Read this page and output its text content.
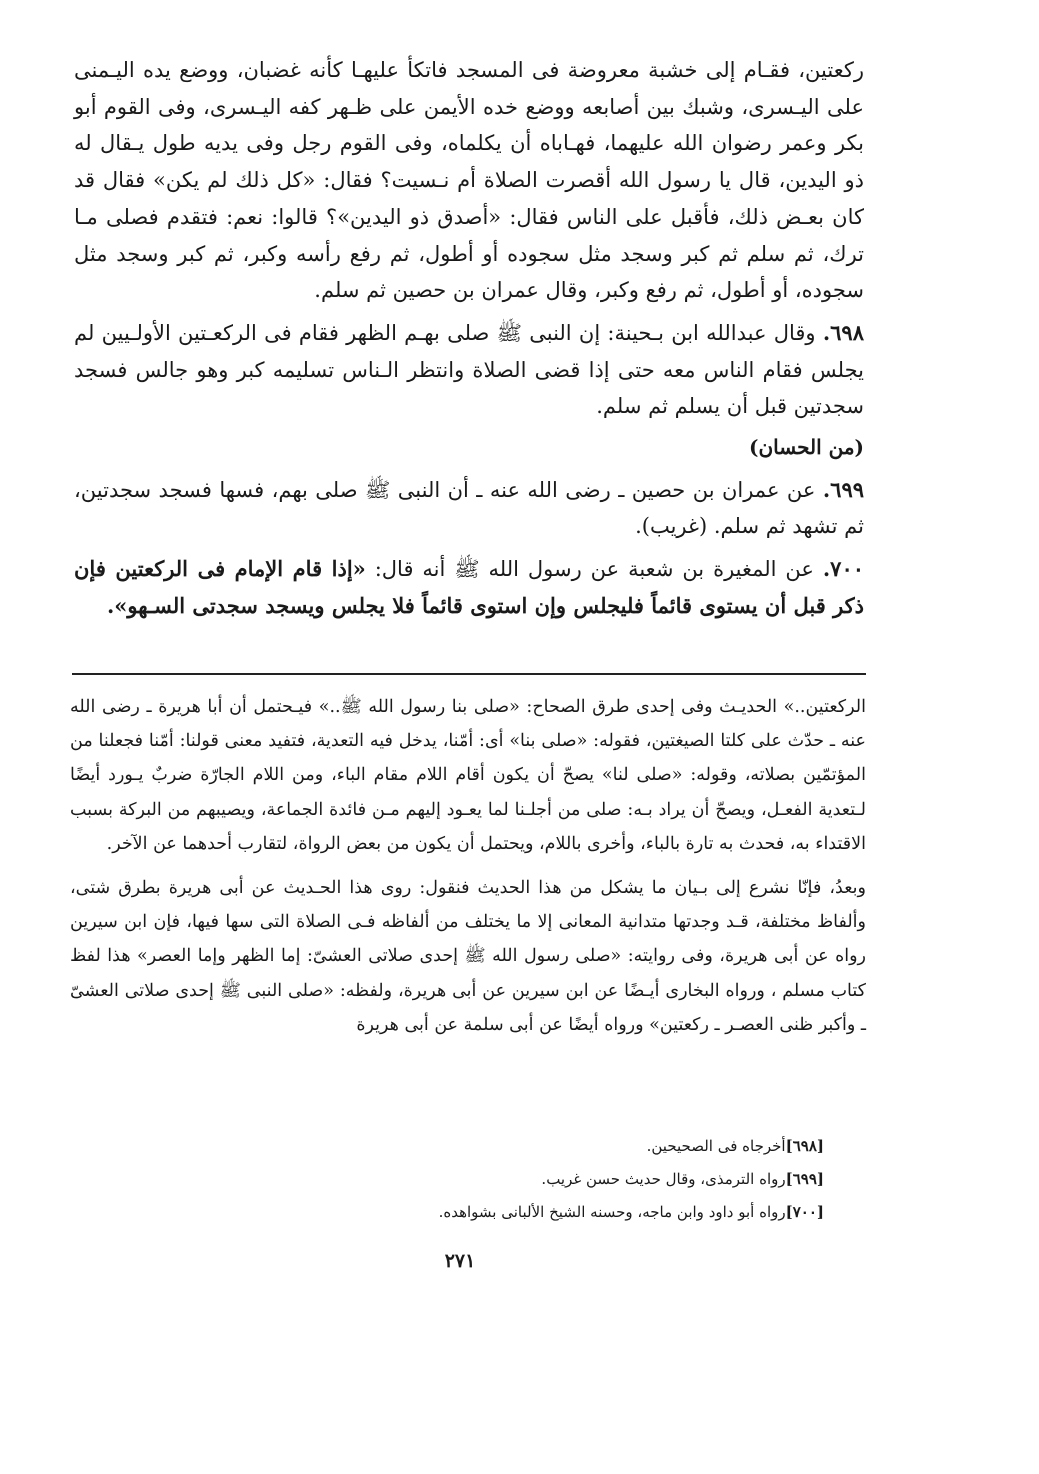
ركعتين، فقـام إلى خشبة معروضة فى المسجد فاتكأ عليهـا كأنه غضبان، ووضع يده اليـمنى على اليـسرى، وشبك بين أصابعه ووضع خده الأيمن على ظـهر كفه اليـسرى، وفى القوم أبو بكر وعمر رضوان الله عليهما، فهـاباه أن يكلماه، وفى القوم رجل وفى يديه طول يـقال له ذو اليدين، قال يا رسول الله أقصرت الصلاة أم نـسيت؟ فقال: «كل ذلك لم يكن» فقال قد كان بعـض ذلك، فأقبل على الناس فقال: «أصدق ذو اليدين»؟ قالوا: نعم: فتقدم فصلى مـا ترك، ثم سلم ثم كبر وسجد مثل سجوده أو أطول، ثم رفع رأسه وكبر، ثم كبر وسجد مثل سجوده، أو أطول، ثم رفع وكبر، وقال عمران بن حصين ثم سلم.

٦٩٨. وقال عبدالله ابن بـحينة: إن النبى ﷺ صلى بهـم الظهر فقام فى الركعـتين الأولـيين لم يجلس فقام الناس معه حتى إذا قضى الصلاة وانتظر الـناس تسليمه كبر وهو جالس فسجد سجدتين قبل أن يسلم ثم سلم.

(من الحسان)

٦٩٩. عن عمران بن حصين ـ رضى الله عنه ـ أن النبى ﷺ صلى بهم، فسها فسجد سجدتين، ثم تشهد ثم سلم. (غريب).

٧٠٠. عن المغيرة بن شعبة عن رسول الله ﷺ أنه قال: «إذا قام الإمام فى الركعتين فإن ذكر قبل أن يستوى قائماً فليجلس وإن استوى قائماً فلا يجلس ويسجد سجدتى السـهو».

الركعتين..» الحديـث وفى إحدى طرق الصحاح: «صلى بنا رسول الله ﷺ..» فيـحتمل أن أبا هريرة ـ رضى الله عنه ـ حدّث على كلتا الصيغتين، فقوله: «صلى بنا» أى: أمّنا، يدخل فيه التعدية، فتفيد معنى قولنا: أمّنا فجعلنا من المؤتمّين بصلاته، وقوله: «صلى لنا» يصحّ أن يكون أقام اللام مقام الباء، ومن اللام الجارّة ضربٌ يـورد أيضًا لـتعدية الفعـل، ويصحّ أن يراد بـه: صلى من أجلـنا لما يعـود إليهم مـن فائدة الجماعة، ويصيبهم من البركة بسبب الاقتداء به، فحدث به تارة بالباء، وأخرى باللام، ويحتمل أن يكون من بعض الرواة، لتقارب أحدهما عن الآخر.

وبعدُ، فإنّا نشرع إلى بـيان ما يشكل من هذا الحديث فنقول: روى هذا الحـديث عن أبى هريرة بطرق شتى، وألفاظ مختلفة، قـد وجدتها متدانية المعانى إلا ما يختلف من ألفاظه فـى الصلاة التى سها فيها، فإن ابن سيرين رواه عن أبى هريرة، وفى روايته: «صلى رسول الله ﷺ إحدى صلاتى العشىّ: إما الظهر وإما العصر» هذا لفظ كتاب مسلم ، ورواه البخارى أيـضًا عن ابن سيرين عن أبى هريرة، ولفظه: «صلى النبى ﷺ إحدى صلاتى العشىّ ـ وأكبر ظنى العصـر ـ ركعتين» ورواه أيضًا عن أبى سلمة عن أبى هريرة

[٦٩٨]أخرجاه فى الصحيحين.

[٦٩٩]رواه الترمذى، وقال حديث حسن غريب.

[٧٠٠]رواه أبو داود وابن ماجه، وحسنه الشيخ الألبانى بشواهده.

٢٧١
